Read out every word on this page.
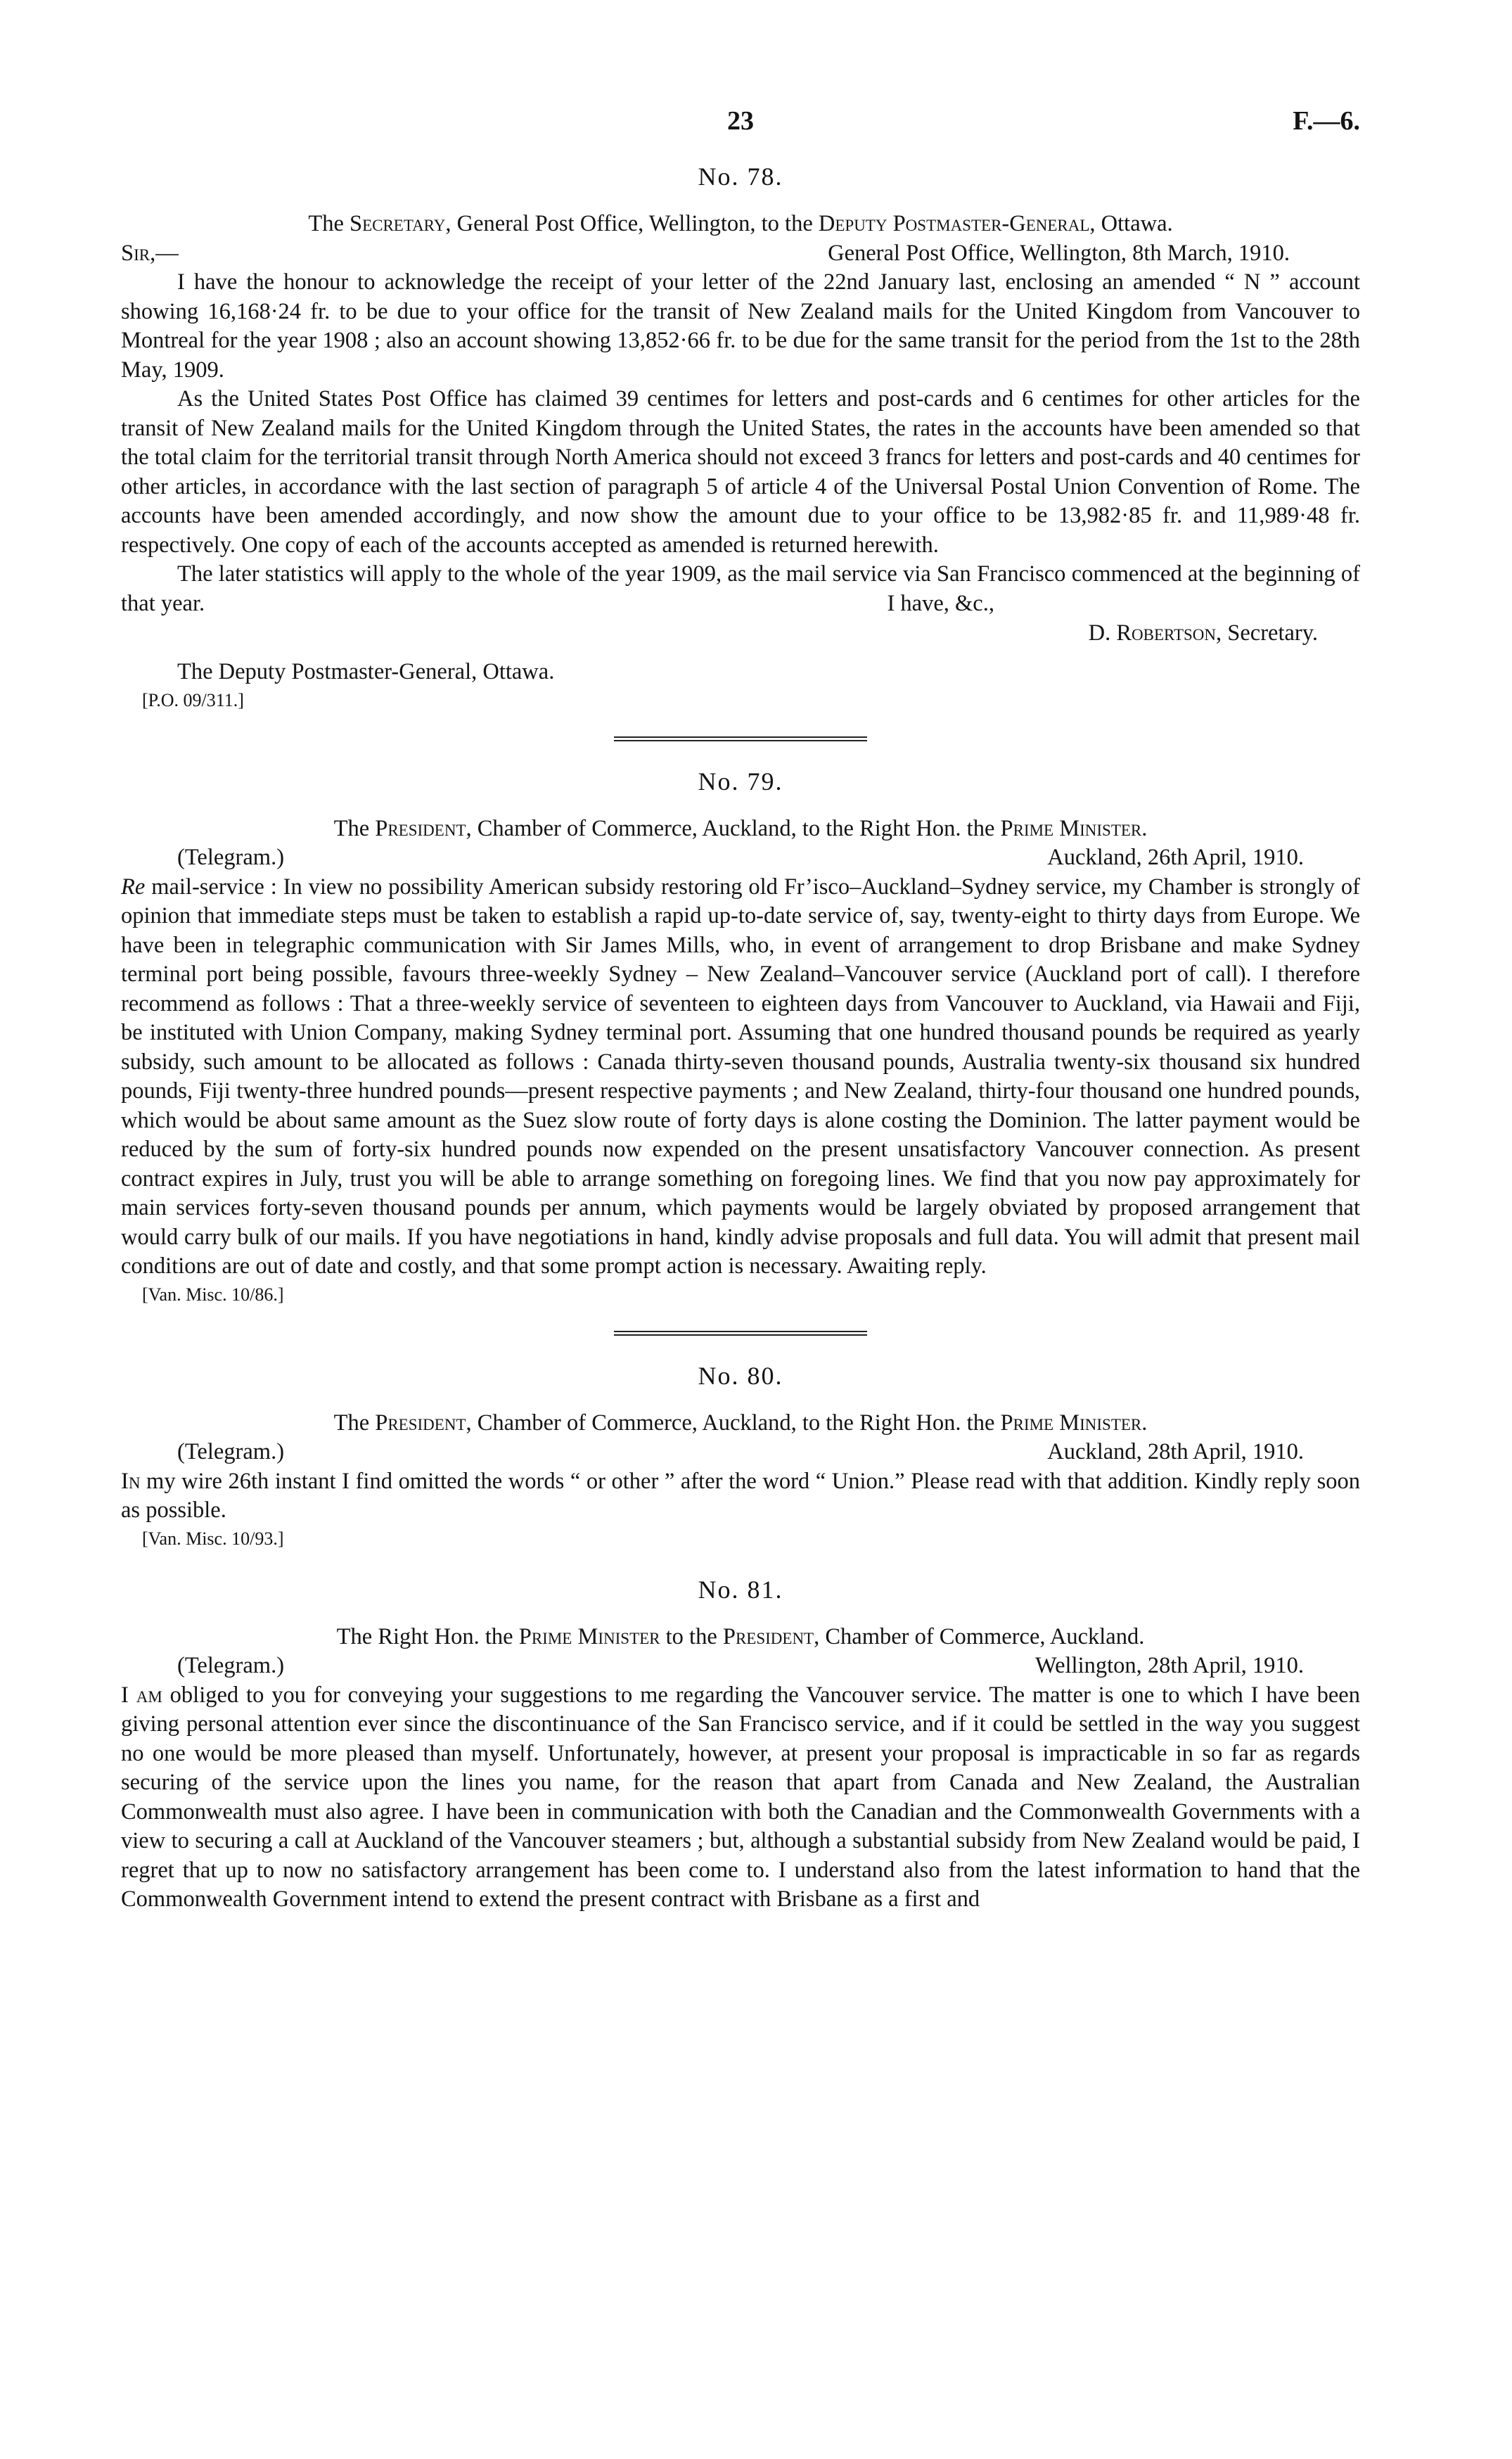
23	F.—6.
No. 78.

The Secretary, General Post Office, Wellington, to the Deputy Postmaster-General, Ottawa.

Sir,—	General Post Office, Wellington, 8th March, 1910.

I have the honour to acknowledge the receipt of your letter of the 22nd January last, enclosing an amended “ N ” account showing 16,168·24 fr. to be due to your office for the transit of New Zealand mails for the United Kingdom from Vancouver to Montreal for the year 1908 ; also an account showing 13,852·66 fr. to be due for the same transit for the period from the 1st to the 28th May, 1909.

As the United States Post Office has claimed 39 centimes for letters and post-cards and 6 centimes for other articles for the transit of New Zealand mails for the United Kingdom through the United States, the rates in the accounts have been amended so that the total claim for the territorial transit through North America should not exceed 3 francs for letters and post-cards and 40 centimes for other articles, in accordance with the last section of paragraph 5 of article 4 of the Universal Postal Union Convention of Rome. The accounts have been amended accordingly, and now show the amount due to your office to be 13,982·85 fr. and 11,989·48 fr. respectively. One copy of each of the accounts accepted as amended is returned herewith.

The later statistics will apply to the whole of the year 1909, as the mail service via San Francisco commenced at the beginning of that year.	I have, &c.,
D. Robertson, Secretary.
The Deputy Postmaster-General, Ottawa.
[P.O. 09/311.]
No. 79.

The President, Chamber of Commerce, Auckland, to the Right Hon. the Prime Minister.

(Telegram.)	Auckland, 26th April, 1910.

Re mail-service : In view no possibility American subsidy restoring old Fr’isco–Auckland–Sydney service, my Chamber is strongly of opinion that immediate steps must be taken to establish a rapid up-to-date service of, say, twenty-eight to thirty days from Europe. We have been in telegraphic communication with Sir James Mills, who, in event of arrangement to drop Brisbane and make Sydney terminal port being possible, favours three-weekly Sydney – New Zealand–Vancouver service (Auckland port of call). I therefore recommend as follows : That a three-weekly service of seventeen to eighteen days from Vancouver to Auckland, via Hawaii and Fiji, be instituted with Union Company, making Sydney terminal port. Assuming that one hundred thousand pounds be required as yearly subsidy, such amount to be allocated as follows : Canada thirty-seven thousand pounds, Australia twenty-six thousand six hundred pounds, Fiji twenty-three hundred pounds—present respective payments ; and New Zealand, thirty-four thousand one hundred pounds, which would be about same amount as the Suez slow route of forty days is alone costing the Dominion. The latter payment would be reduced by the sum of forty-six hundred pounds now expended on the present unsatisfactory Vancouver connection. As present contract expires in July, trust you will be able to arrange something on foregoing lines. We find that you now pay approximately for main services forty-seven thousand pounds per annum, which payments would be largely obviated by proposed arrangement that would carry bulk of our mails. If you have negotiations in hand, kindly advise proposals and full data. You will admit that present mail conditions are out of date and costly, and that some prompt action is necessary. Awaiting reply.

[Van. Misc. 10/86.]
No. 80.

The President, Chamber of Commerce, Auckland, to the Right Hon. the Prime Minister.

(Telegram.)	Auckland, 28th April, 1910.

In my wire 26th instant I find omitted the words “ or other ” after the word “ Union.” Please read with that addition. Kindly reply soon as possible.

[Van. Misc. 10/93.]
No. 81.

The Right Hon. the Prime Minister to the President, Chamber of Commerce, Auckland.

(Telegram.)	Wellington, 28th April, 1910.

I am obliged to you for conveying your suggestions to me regarding the Vancouver service. The matter is one to which I have been giving personal attention ever since the discontinuance of the San Francisco service, and if it could be settled in the way you suggest no one would be more pleased than myself. Unfortunately, however, at present your proposal is impracticable in so far as regards securing of the service upon the lines you name, for the reason that apart from Canada and New Zealand, the Australian Commonwealth must also agree. I have been in communication with both the Canadian and the Commonwealth Governments with a view to securing a call at Auckland of the Vancouver steamers ; but, although a substantial subsidy from New Zealand would be paid, I regret that up to now no satisfactory arrangement has been come to. I understand also from the latest information to hand that the Commonwealth Government intend to extend the present contract with Brisbane as a first and
